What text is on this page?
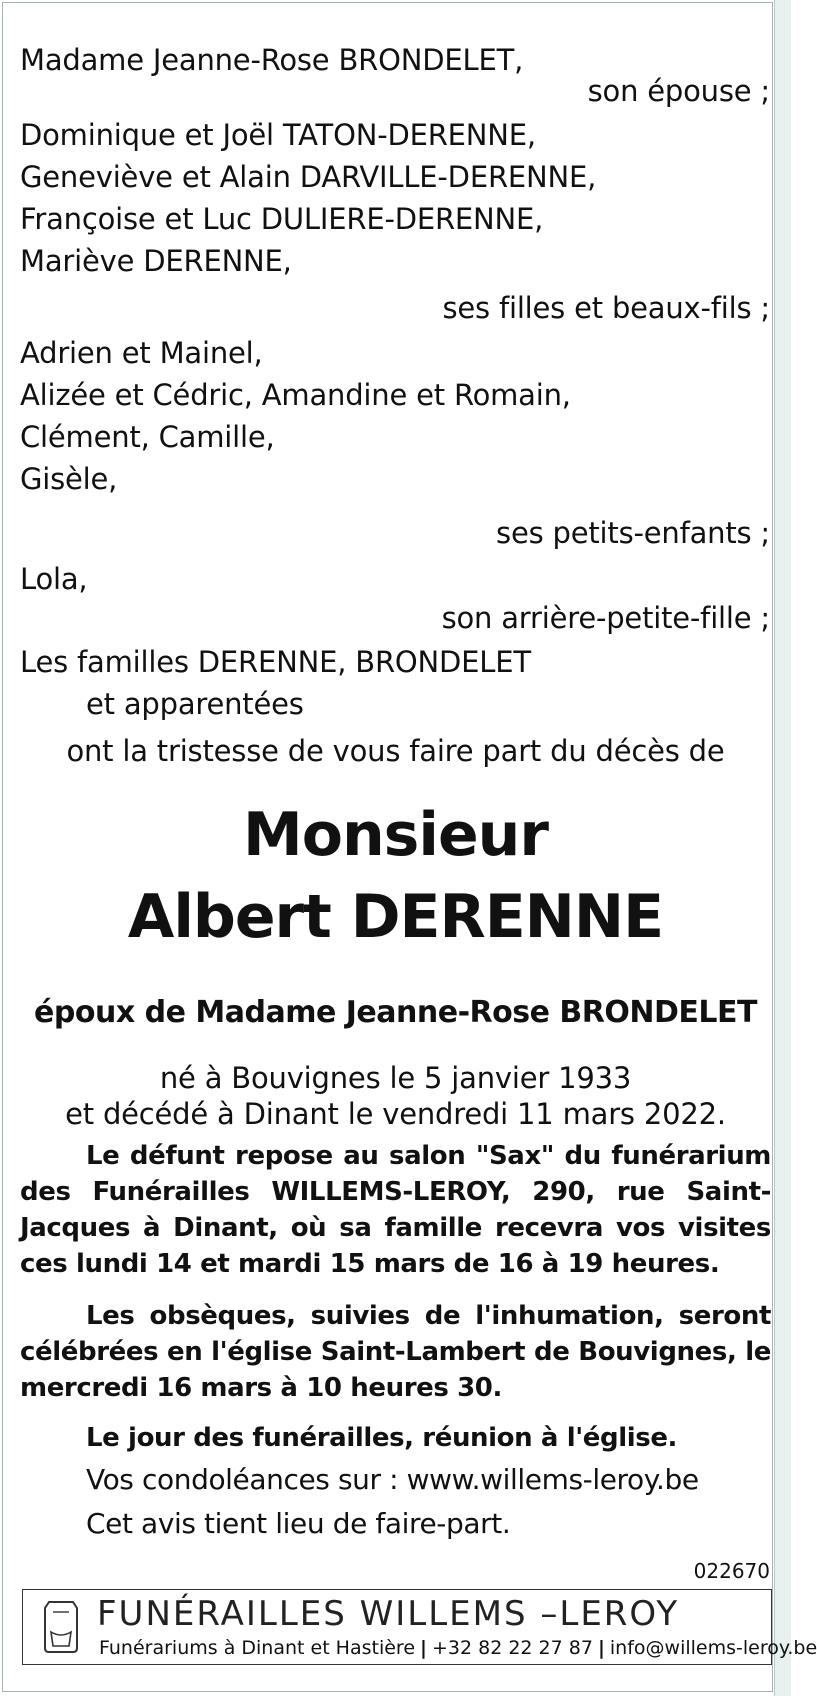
Madame Jeanne-Rose BRONDELET,
son épouse ;
Dominique et Joël TATON-DERENNE,
Geneviève et Alain DARVILLE-DERENNE,
Françoise et Luc DULIERE-DERENNE,
Mariève DERENNE,
ses filles et beaux-fils ;
Adrien et Mainel,
Alizée et Cédric, Amandine et Romain,
Clément, Camille,
Gisèle,
ses petits-enfants ;
Lola,
son arrière-petite-fille ;
Les familles DERENNE, BRONDELET
et apparentées
ont la tristesse de vous faire part du décès de
Monsieur
Albert DERENNE
époux de Madame Jeanne-Rose BRONDELET
né à Bouvignes le 5 janvier 1933
et décédé à Dinant le vendredi 11 mars 2022.
Le défunt repose au salon "Sax" du funérarium des Funérailles WILLEMS-LEROY, 290, rue Saint-Jacques à Dinant, où sa famille recevra vos visites ces lundi 14 et mardi 15 mars de 16 à 19 heures.
Les obsèques, suivies de l'inhumation, seront célébrées en l'église Saint-Lambert de Bouvignes, le mercredi 16 mars à 10 heures 30.
Le jour des funérailles, réunion à l'église.
Vos condoléances sur : www.willems-leroy.be
Cet avis tient lieu de faire-part.
022670
FUNÉRAILLES WILLEMS –LEROY
Funérariums à Dinant et Hastière | +32 82 22 27 87 | info@willems-leroy.be
